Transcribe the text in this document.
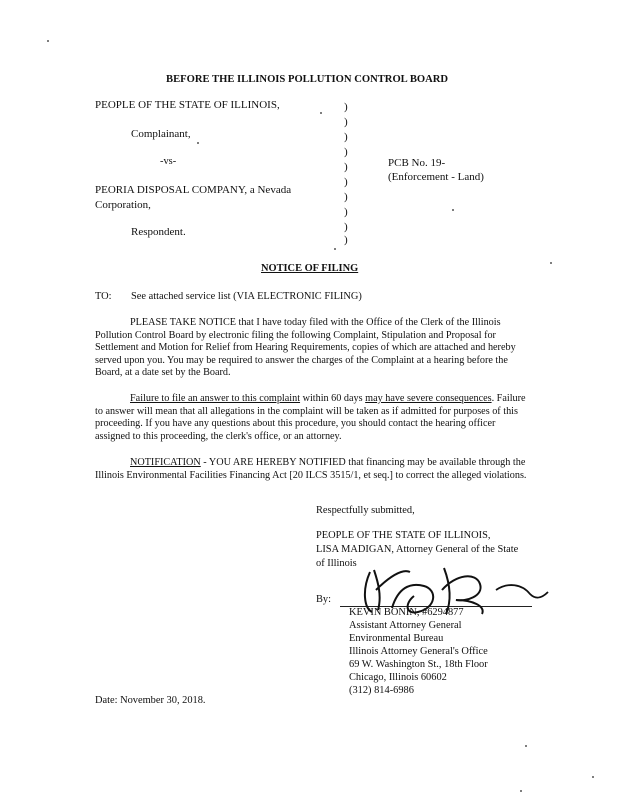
BEFORE THE ILLINOIS POLLUTION CONTROL BOARD
PEOPLE OF THE STATE OF ILLINOIS,
Complainant,
-vs-
PEORIA DISPOSAL COMPANY, a Nevada
Corporation,
Respondent.
)
)
)
)
)
)
)
)
)
)
PCB No. 19-
(Enforcement - Land)
NOTICE OF FILING
TO: See attached service list (VIA ELECTRONIC FILING)
PLEASE TAKE NOTICE that I have today filed with the Office of the Clerk of the Illinois Pollution Control Board by electronic filing the following Complaint, Stipulation and Proposal for Settlement and Motion for Relief from Hearing Requirements, copies of which are attached and hereby served upon you. You may be required to answer the charges of the Complaint at a hearing before the Board, at a date set by the Board.
Failure to file an answer to this complaint within 60 days may have severe consequences. Failure to answer will mean that all allegations in the complaint will be taken as if admitted for purposes of this proceeding. If you have any questions about this procedure, you should contact the hearing officer assigned to this proceeding, the clerk's office, or an attorney.
NOTIFICATION - YOU ARE HEREBY NOTIFIED that financing may be available through the Illinois Environmental Facilities Financing Act [20 ILCS 3515/1, et seq.] to correct the alleged violations.
Respectfully submitted,
PEOPLE OF THE STATE OF ILLINOIS,
LISA MADIGAN, Attorney General of the State
of Illinois
By:
KEVIN BONIN, #6294877
Assistant Attorney General
Environmental Bureau
Illinois Attorney General's Office
69 W. Washington St., 18th Floor
Chicago, Illinois 60602
(312) 814-6986
Date: November 30, 2018.
